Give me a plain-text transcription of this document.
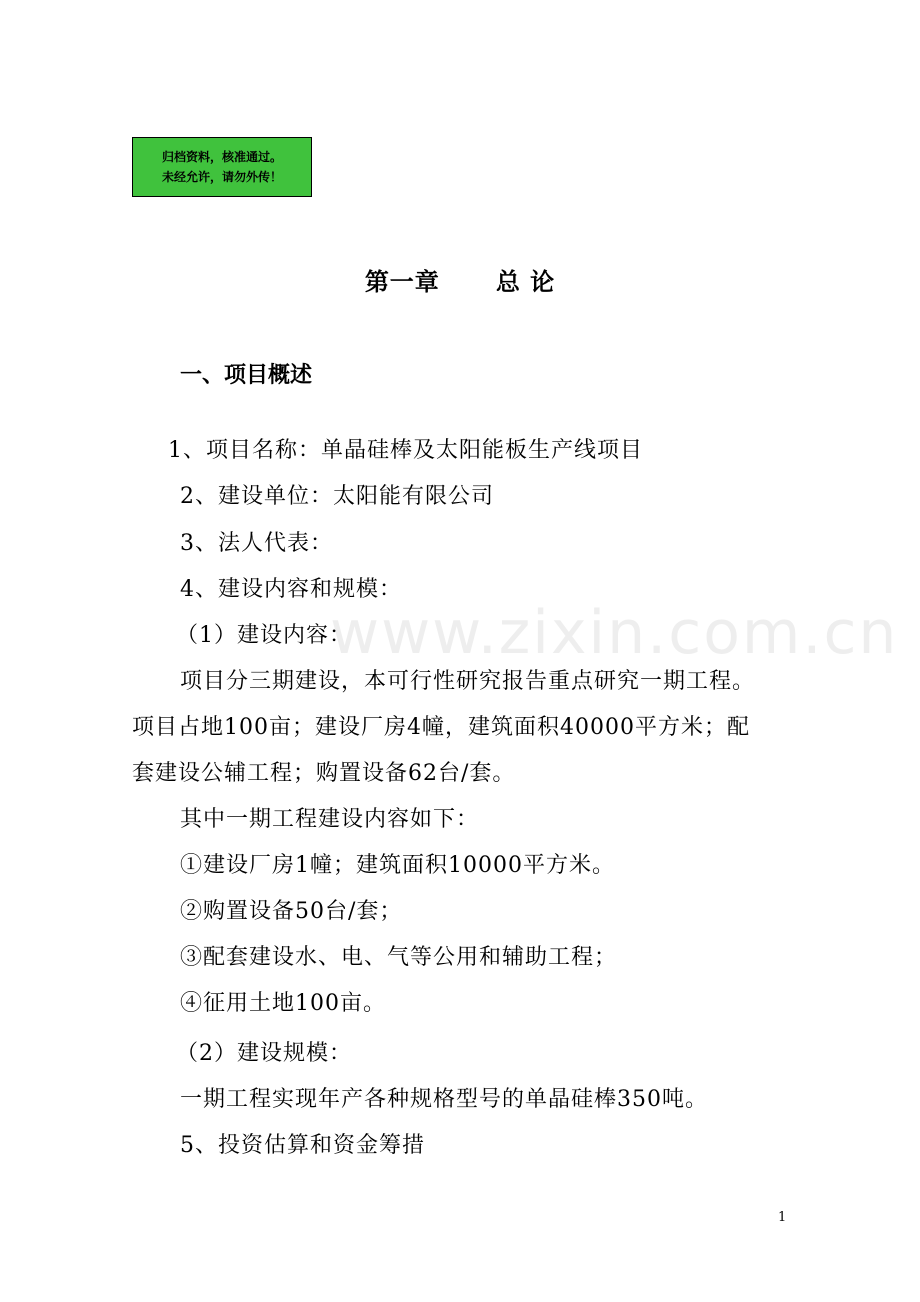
归档资料，核准通过。
未经允许，请勿外传！
第一章 总 论
www.zixin.com.cn
一、项目概述
1、项目名称：单晶硅棒及太阳能板生产线项目
2、建设单位：太阳能有限公司
3、法人代表：
4、建设内容和规模：
（1）建设内容：
项目分三期建设，本可行性研究报告重点研究一期工程。
项目占地100亩；建设厂房4幢，建筑面积40000平方米；配
套建设公辅工程；购置设备62台/套。
其中一期工程建设内容如下：
①建设厂房1幢；建筑面积10000平方米。
②购置设备50台/套；
③配套建设水、电、气等公用和辅助工程；
④征用土地100亩。
（2）建设规模：
一期工程实现年产各种规格型号的单晶硅棒350吨。
5、投资估算和资金筹措
1
